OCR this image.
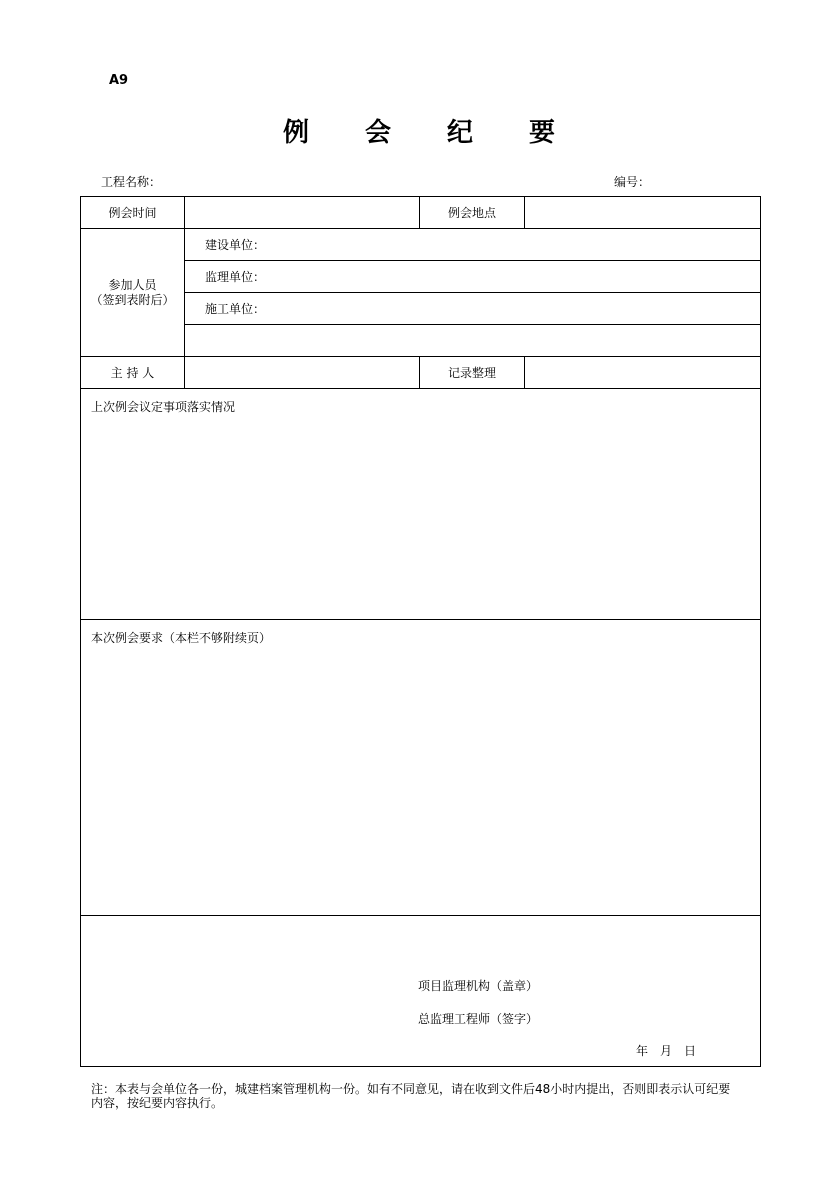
A9
例会纪要
工程名称：	编号：
例会时间		例会地点	

参加人员
（签到表附后）	建设单位：		
	监理单位：		
	施工单位：		

主 持 人		记录整理	
上次例会议定事项落实情况			
本次例会要求（本栏不够附续页）			

项目监理机构（盖章）
总监理工程师（签字）
年　月　日			
注：本表与会单位各一份，城建档案管理机构一份。如有不同意见，请在收到文件后48小时内提出，否则即表示认可纪要内容，按纪要内容执行。
